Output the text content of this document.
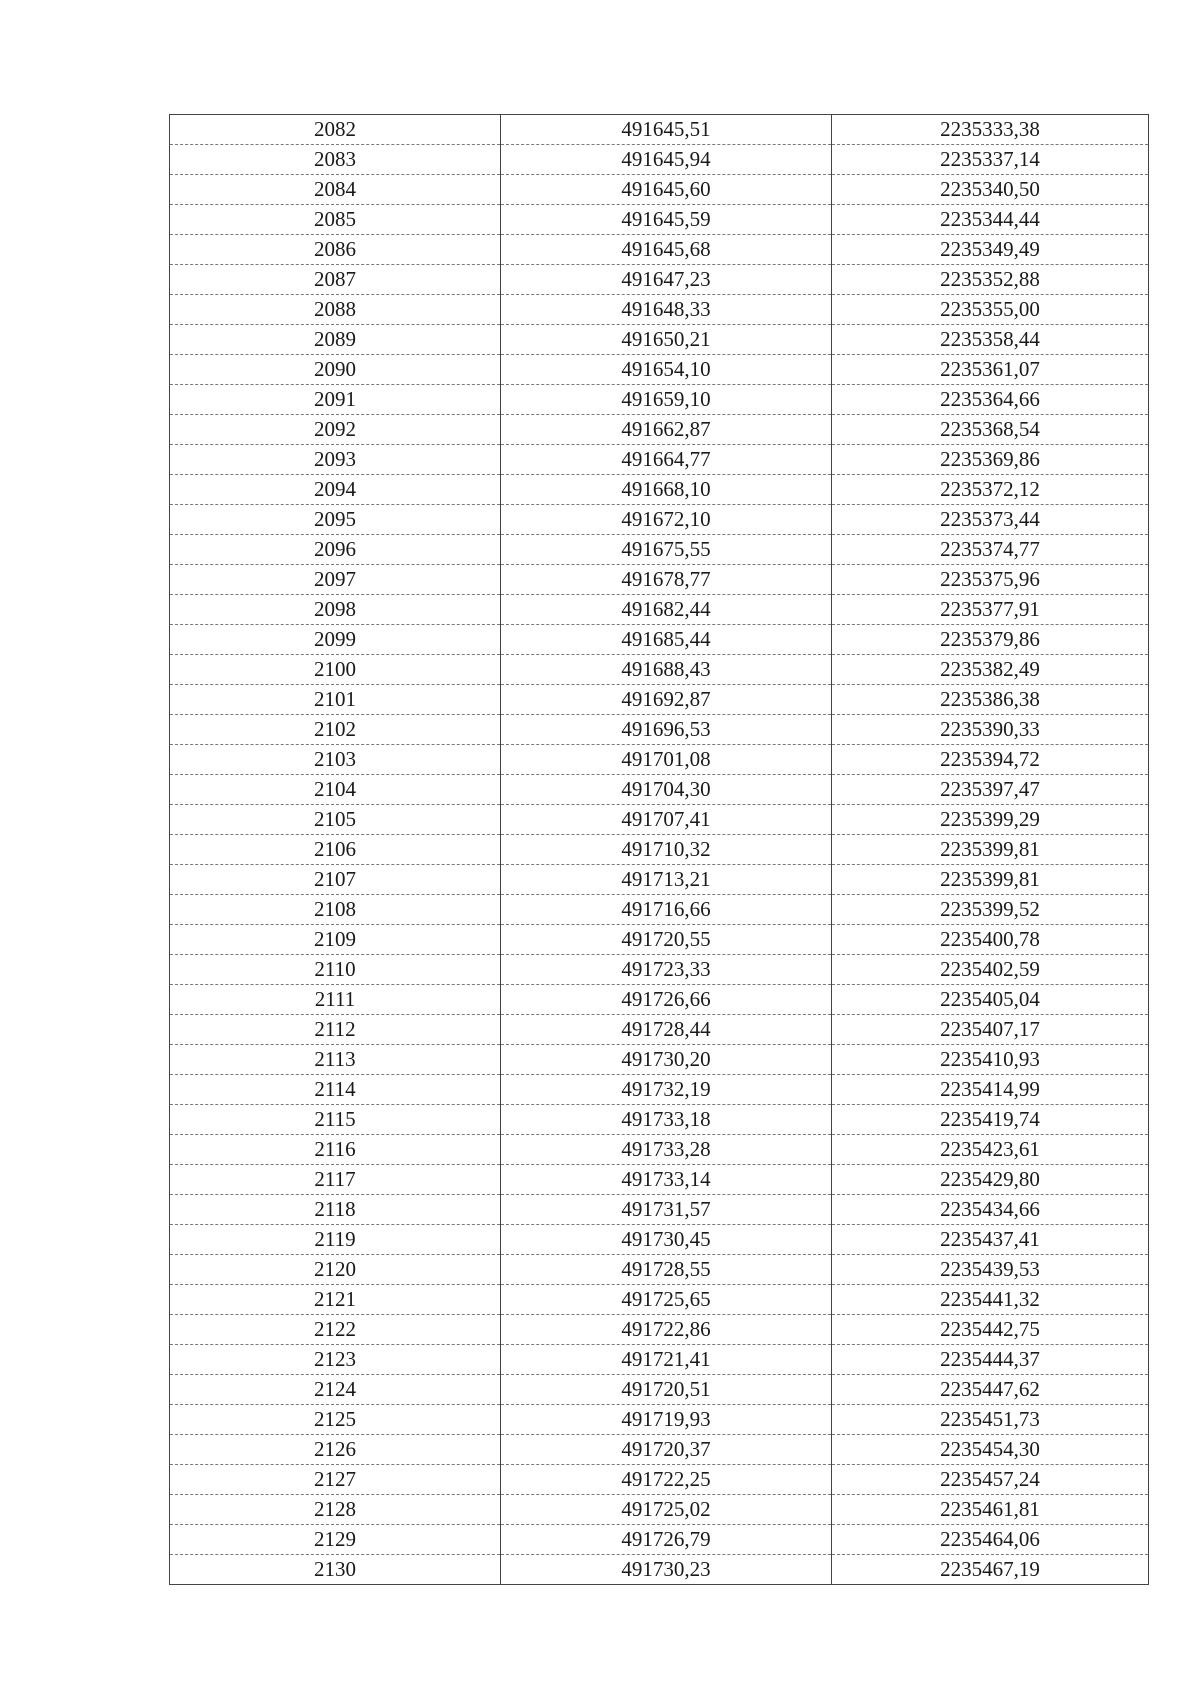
2082	491645,51	2235333,38
2083	491645,94	2235337,14
2084	491645,60	2235340,50
2085	491645,59	2235344,44
2086	491645,68	2235349,49
2087	491647,23	2235352,88
2088	491648,33	2235355,00
2089	491650,21	2235358,44
2090	491654,10	2235361,07
2091	491659,10	2235364,66
2092	491662,87	2235368,54
2093	491664,77	2235369,86
2094	491668,10	2235372,12
2095	491672,10	2235373,44
2096	491675,55	2235374,77
2097	491678,77	2235375,96
2098	491682,44	2235377,91
2099	491685,44	2235379,86
2100	491688,43	2235382,49
2101	491692,87	2235386,38
2102	491696,53	2235390,33
2103	491701,08	2235394,72
2104	491704,30	2235397,47
2105	491707,41	2235399,29
2106	491710,32	2235399,81
2107	491713,21	2235399,81
2108	491716,66	2235399,52
2109	491720,55	2235400,78
2110	491723,33	2235402,59
2111	491726,66	2235405,04
2112	491728,44	2235407,17
2113	491730,20	2235410,93
2114	491732,19	2235414,99
2115	491733,18	2235419,74
2116	491733,28	2235423,61
2117	491733,14	2235429,80
2118	491731,57	2235434,66
2119	491730,45	2235437,41
2120	491728,55	2235439,53
2121	491725,65	2235441,32
2122	491722,86	2235442,75
2123	491721,41	2235444,37
2124	491720,51	2235447,62
2125	491719,93	2235451,73
2126	491720,37	2235454,30
2127	491722,25	2235457,24
2128	491725,02	2235461,81
2129	491726,79	2235464,06
2130	491730,23	2235467,19
